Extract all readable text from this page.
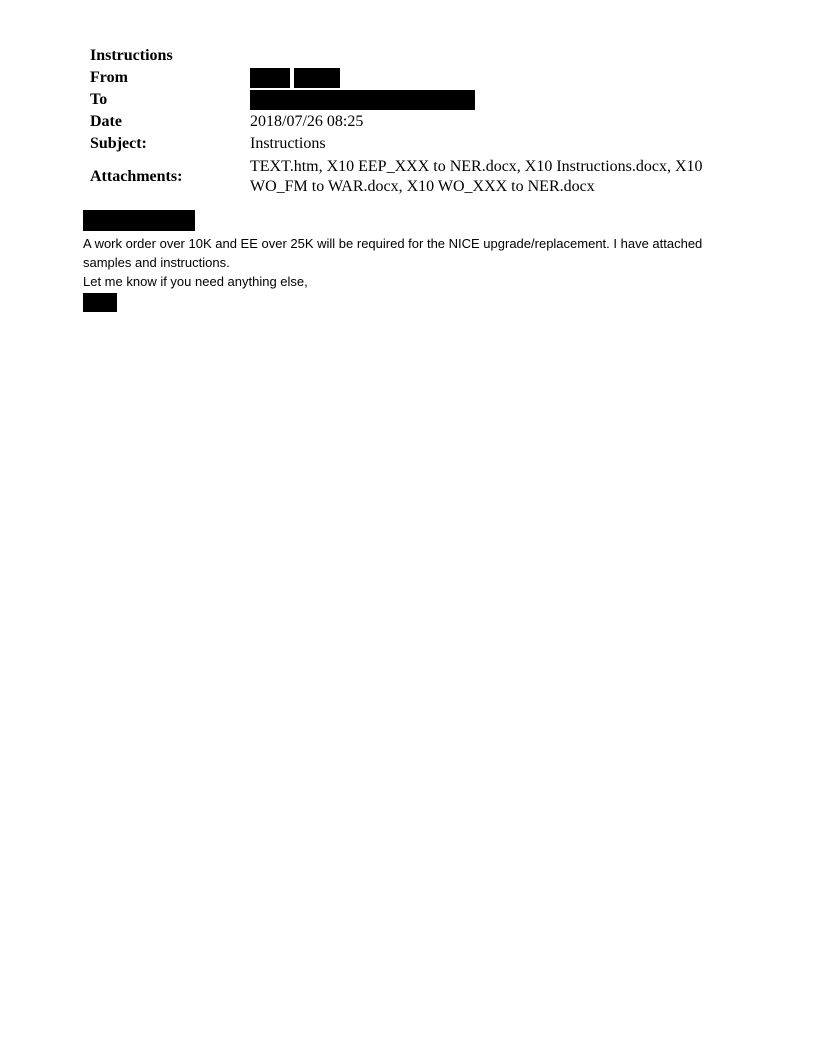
Instructions
From
To
Date	2018/07/26 08:25
Subject:	Instructions
Attachments:
TEXT.htm, X10 EEP_XXX to NER.docx, X10 Instructions.docx, X10 WO_FM to WAR.docx, X10 WO_XXX to NER.docx

A work order over 10K and EE over 25K will be required for the NICE upgrade/replacement. I have attached samples and instructions.

Let me know if you need anything else,
